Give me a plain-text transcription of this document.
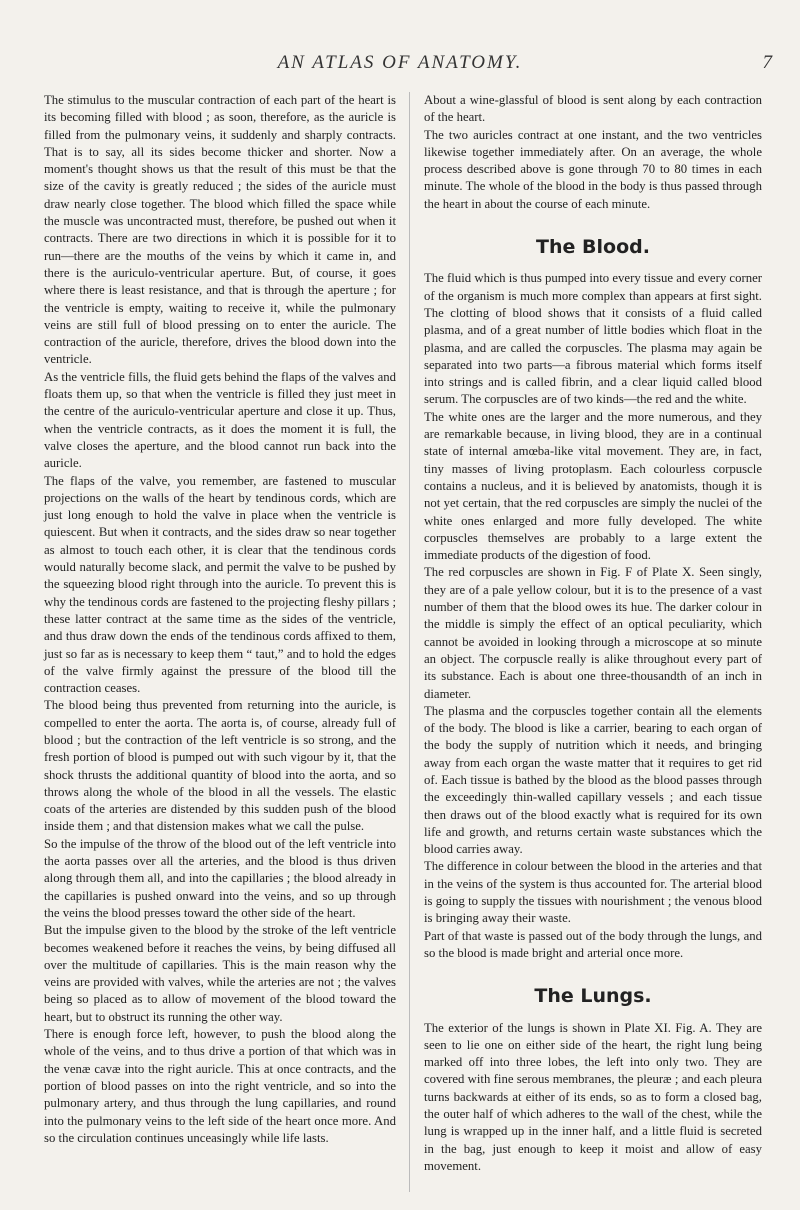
AN ATLAS OF ANATOMY.	7

The stimulus to the muscular contraction of each part of the heart is its becoming filled with blood ; as soon, therefore, as the auricle is filled from the pulmonary veins, it suddenly and sharply contracts. That is to say, all its sides become thicker and shorter. Now a moment's thought shows us that the result of this must be that the size of the cavity is greatly reduced ; the sides of the auricle must draw nearly close together. The blood which filled the space while the muscle was uncontracted must, therefore, be pushed out when it contracts. There are two directions in which it is possible for it to run—there are the mouths of the veins by which it came in, and there is the auriculo-ventricular aperture. But, of course, it goes where there is least resistance, and that is through the aperture ; for the ventricle is empty, waiting to receive it, while the pulmonary veins are still full of blood pressing on to enter the auricle. The contraction of the auricle, therefore, drives the blood down into the ventricle.

As the ventricle fills, the fluid gets behind the flaps of the valves and floats them up, so that when the ventricle is filled they just meet in the centre of the auriculo-ventricular aperture and close it up. Thus, when the ventricle contracts, as it does the moment it is full, the valve closes the aperture, and the blood cannot run back into the auricle.

The flaps of the valve, you remember, are fastened to muscular projections on the walls of the heart by tendinous cords, which are just long enough to hold the valve in place when the ventricle is quiescent. But when it contracts, and the sides draw so near together as almost to touch each other, it is clear that the tendinous cords would naturally become slack, and permit the valve to be pushed by the squeezing blood right through into the auricle. To prevent this is why the tendinous cords are fastened to the projecting fleshy pillars ; these latter contract at the same time as the sides of the ventricle, and thus draw down the ends of the tendinous cords affixed to them, just so far as is necessary to keep them “ taut,” and to hold the edges of the valve firmly against the pressure of the blood till the contraction ceases.

The blood being thus prevented from returning into the auricle, is compelled to enter the aorta. The aorta is, of course, already full of blood ; but the contraction of the left ventricle is so strong, and the fresh portion of blood is pumped out with such vigour by it, that the shock thrusts the additional quantity of blood into the aorta, and so throws along the whole of the blood in all the vessels. The elastic coats of the arteries are distended by this sudden push of the blood inside them ; and that distension makes what we call the pulse.

So the impulse of the throw of the blood out of the left ventricle into the aorta passes over all the arteries, and the blood is thus driven along through them all, and into the capillaries ; the blood already in the capillaries is pushed onward into the veins, and so up through the veins the blood presses toward the other side of the heart.

But the impulse given to the blood by the stroke of the left ventricle becomes weakened before it reaches the veins, by being diffused all over the multitude of capillaries. This is the main reason why the veins are provided with valves, while the arteries are not ; the valves being so placed as to allow of movement of the blood toward the heart, but to obstruct its running the other way.

There is enough force left, however, to push the blood along the whole of the veins, and to thus drive a portion of that which was in the venæ cavæ into the right auricle. This at once contracts, and the portion of blood passes on into the right ventricle, and so into the pulmonary artery, and thus through the lung capillaries, and round into the pulmonary veins to the left side of the heart once more. And so the circulation continues unceasingly while life lasts.

About a wine-glassful of blood is sent along by each contraction of the heart.

The two auricles contract at one instant, and the two ventricles likewise together immediately after. On an average, the whole process described above is gone through 70 to 80 times in each minute. The whole of the blood in the body is thus passed through the heart in about the course of each minute.

The Blood.

The fluid which is thus pumped into every tissue and every corner of the organism is much more complex than appears at first sight. The clotting of blood shows that it consists of a fluid called plasma, and of a great number of little bodies which float in the plasma, and are called the corpuscles. The plasma may again be separated into two parts—a fibrous material which forms itself into strings and is called fibrin, and a clear liquid called blood serum. The corpuscles are of two kinds—the red and the white.

The white ones are the larger and the more numerous, and they are remarkable because, in living blood, they are in a continual state of internal amœba-like vital movement. They are, in fact, tiny masses of living protoplasm. Each colourless corpuscle contains a nucleus, and it is believed by anatomists, though it is not yet certain, that the red corpuscles are simply the nuclei of the white ones enlarged and more fully developed. The white corpuscles themselves are probably to a large extent the immediate products of the digestion of food.

The red corpuscles are shown in Fig. F of Plate X. Seen singly, they are of a pale yellow colour, but it is to the presence of a vast number of them that the blood owes its hue. The darker colour in the middle is simply the effect of an optical peculiarity, which cannot be avoided in looking through a microscope at so minute an object. The corpuscle really is alike throughout every part of its substance. Each is about one three-thousandth of an inch in diameter.

The plasma and the corpuscles together contain all the elements of the body. The blood is like a carrier, bearing to each organ of the body the supply of nutrition which it needs, and bringing away from each organ the waste matter that it requires to get rid of. Each tissue is bathed by the blood as the blood passes through the exceedingly thin-walled capillary vessels ; and each tissue then draws out of the blood exactly what is required for its own life and growth, and returns certain waste substances which the blood carries away.

The difference in colour between the blood in the arteries and that in the veins of the system is thus accounted for. The arterial blood is going to supply the tissues with nourishment ; the venous blood is bringing away their waste.

Part of that waste is passed out of the body through the lungs, and so the blood is made bright and arterial once more.

The Lungs.

The exterior of the lungs is shown in Plate XI. Fig. A. They are seen to lie one on either side of the heart, the right lung being marked off into three lobes, the left into only two. They are covered with fine serous membranes, the pleuræ ; and each pleura turns backwards at either of its ends, so as to form a closed bag, the outer half of which adheres to the wall of the chest, while the lung is wrapped up in the inner half, and a little fluid is secreted in the bag, just enough to keep it moist and allow of easy movement.
